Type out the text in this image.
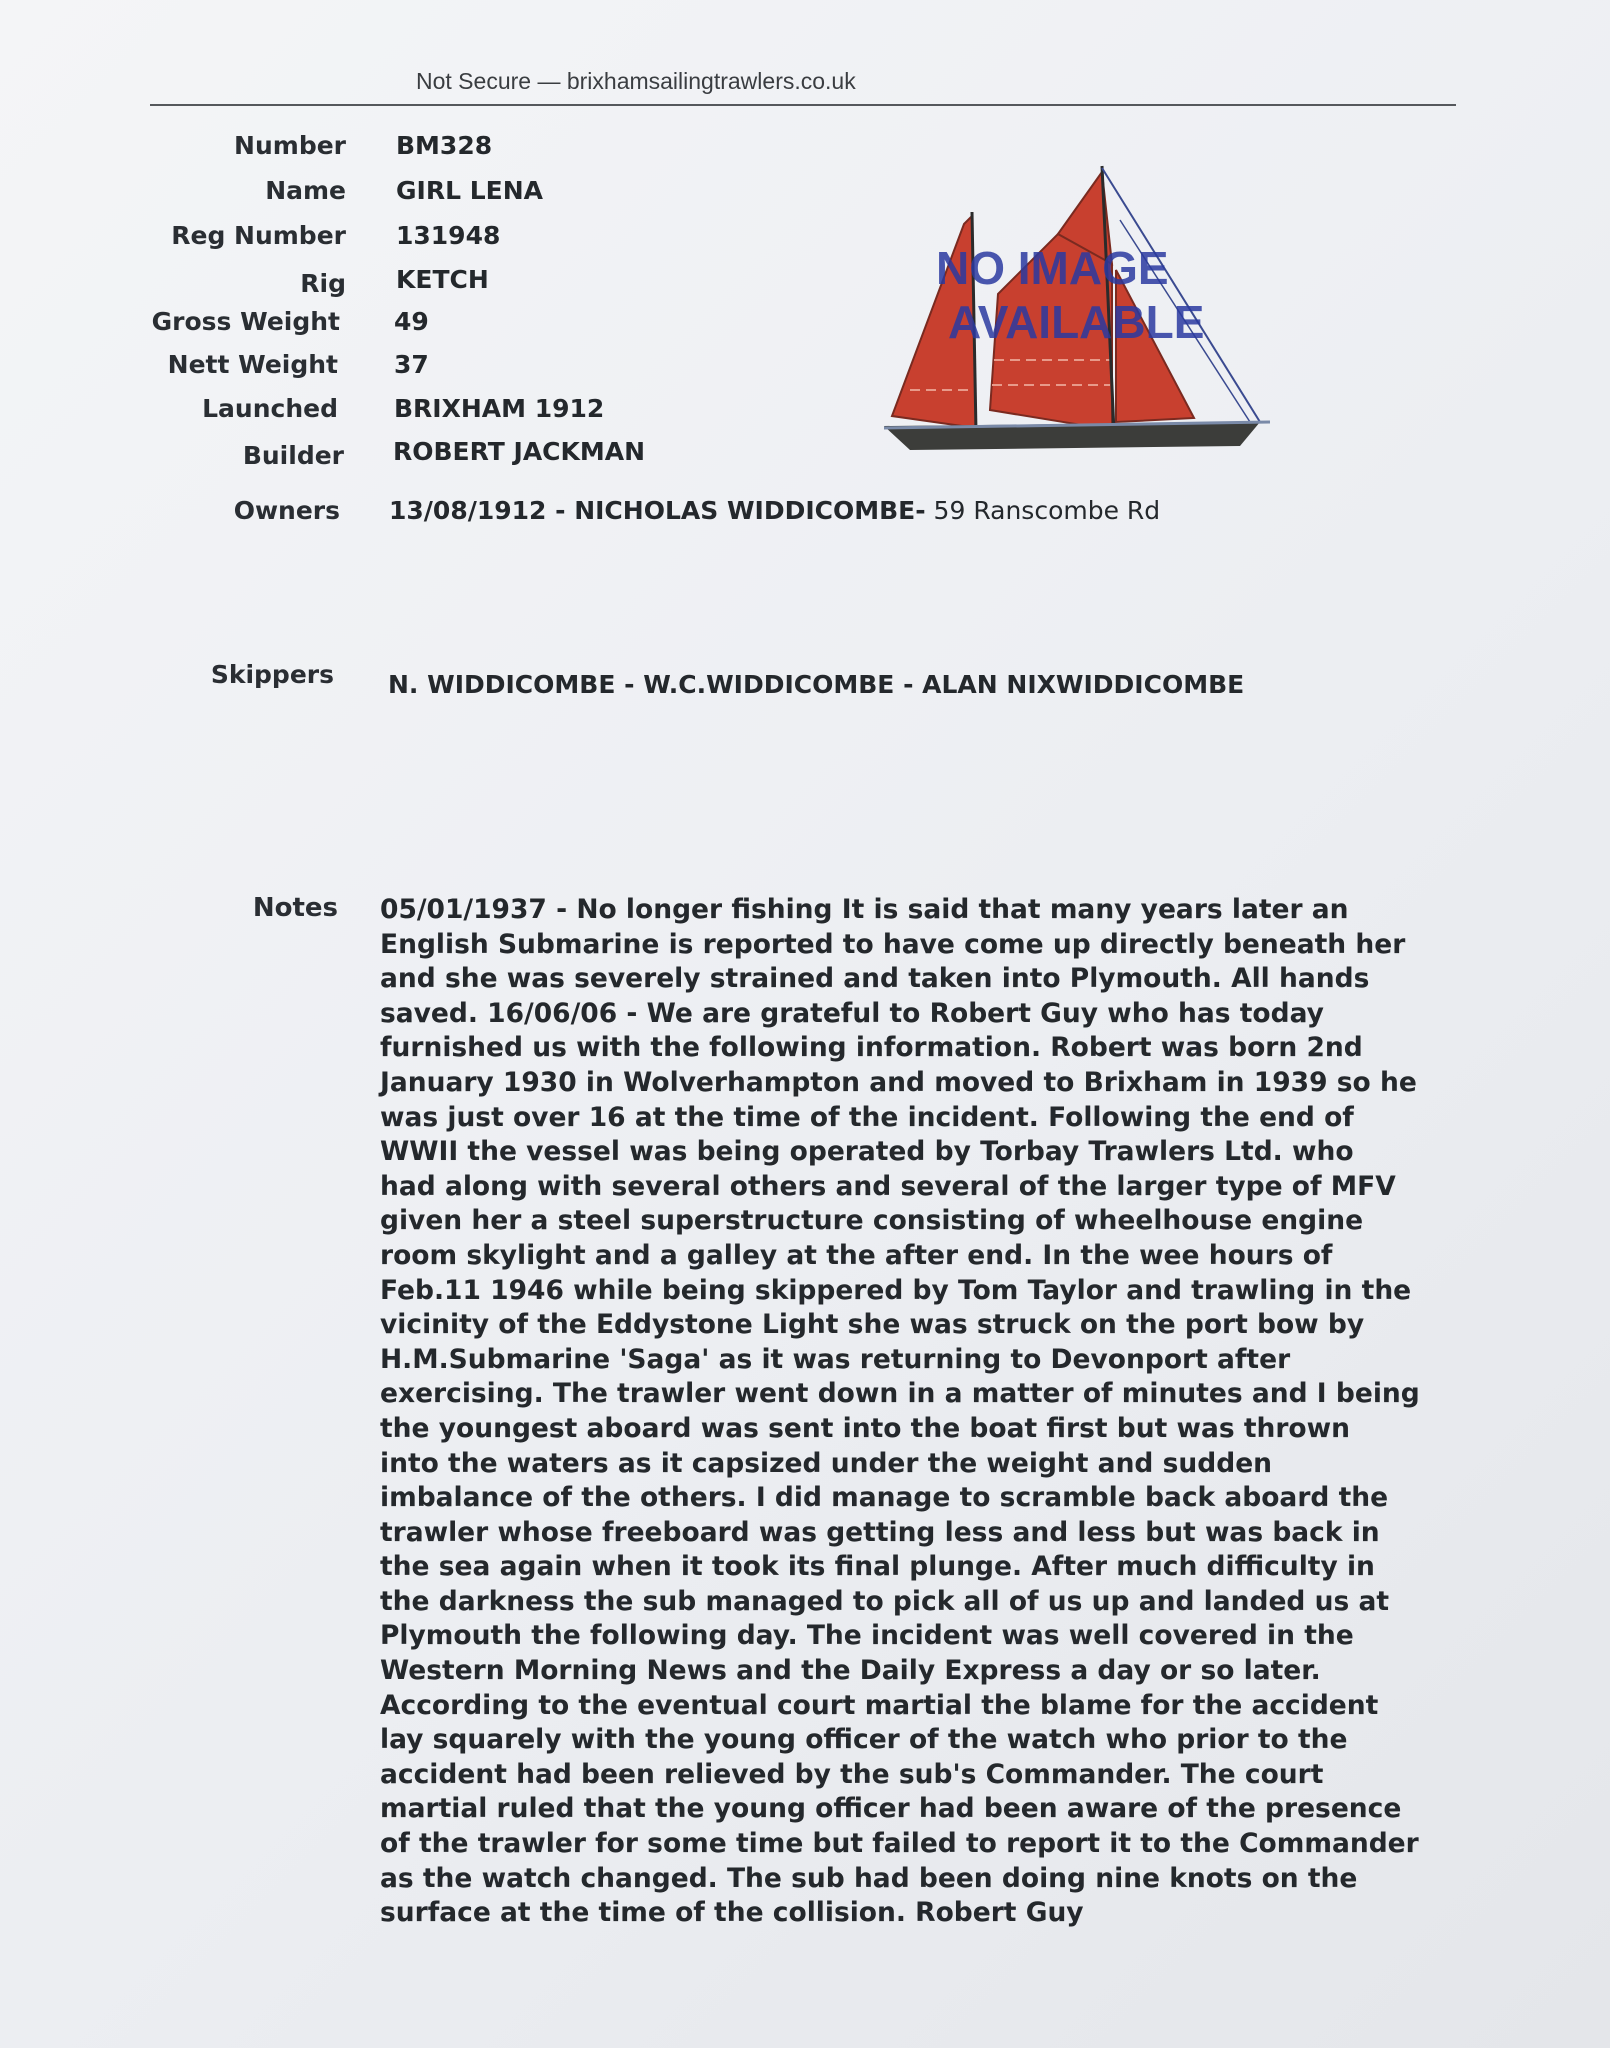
Not Secure — brixhamsailingtrawlers.co.uk
Number BM328
Name GIRL LENA
Reg Number 131948
Rig KETCH
Gross Weight 49
Nett Weight 37
Launched BRIXHAM 1912
Builder ROBERT JACKMAN
Owners 13/08/1912 - NICHOLAS WIDDICOMBE- 59 Ranscombe Rd
Skippers N. WIDDICOMBE - W.C.WIDDICOMBE - ALAN NIXWIDDICOMBE
NO IMAGE
AVAILABLE
Notes 05/01/1937 - No longer fishing It is said that many years later an
English Submarine is reported to have come up directly beneath her
and she was severely strained and taken into Plymouth. All hands
saved. 16/06/06 - We are grateful to Robert Guy who has today
furnished us with the following information. Robert was born 2nd
January 1930 in Wolverhampton and moved to Brixham in 1939 so he
was just over 16 at the time of the incident. Following the end of
WWII the vessel was being operated by Torbay Trawlers Ltd. who
had along with several others and several of the larger type of MFV
given her a steel superstructure consisting of wheelhouse engine
room skylight and a galley at the after end. In the wee hours of
Feb.11 1946 while being skippered by Tom Taylor and trawling in the
vicinity of the Eddystone Light she was struck on the port bow by
H.M.Submarine 'Saga' as it was returning to Devonport after
exercising. The trawler went down in a matter of minutes and I being
the youngest aboard was sent into the boat first but was thrown
into the waters as it capsized under the weight and sudden
imbalance of the others. I did manage to scramble back aboard the
trawler whose freeboard was getting less and less but was back in
the sea again when it took its final plunge. After much difficulty in
the darkness the sub managed to pick all of us up and landed us at
Plymouth the following day. The incident was well covered in the
Western Morning News and the Daily Express a day or so later.
According to the eventual court martial the blame for the accident
lay squarely with the young officer of the watch who prior to the
accident had been relieved by the sub's Commander. The court
martial ruled that the young officer had been aware of the presence
of the trawler for some time but failed to report it to the Commander
as the watch changed. The sub had been doing nine knots on the
surface at the time of the collision. Robert Guy
